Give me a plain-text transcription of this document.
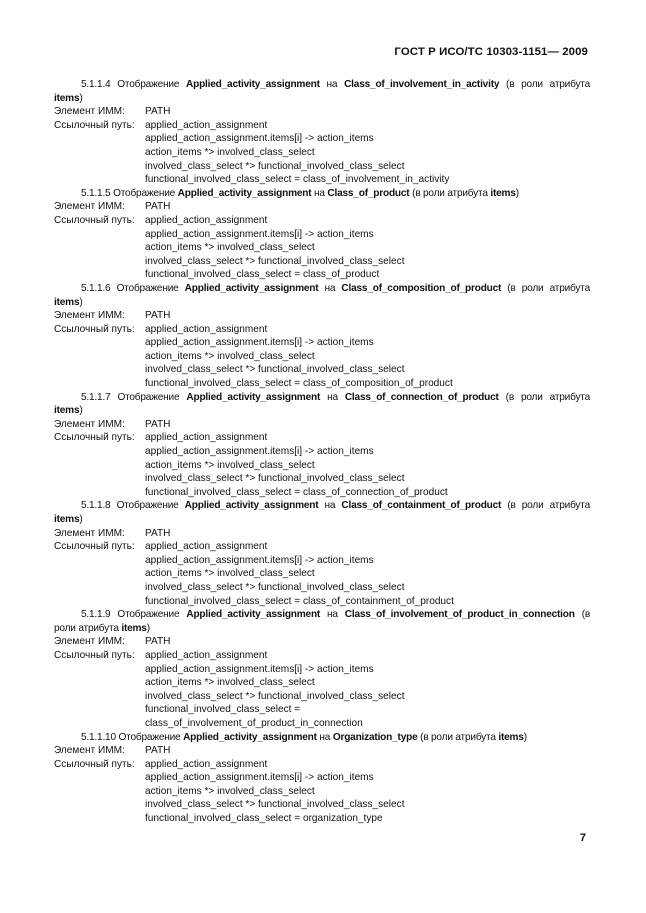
ГОСТ Р ИСО/ТС 10303-1151— 2009
5.1.1.4 Отображение Applied_activity_assignment на Class_of_involvement_in_activity (в роли атрибута items)
Элемент ИММ:	PATH
Ссылочный путь:	applied_action_assignment
applied_action_assignment.items[i] -> action_items
action_items *> involved_class_select
involved_class_select *> functional_involved_class_select
functional_involved_class_select = class_of_involvement_in_activity
5.1.1.5 Отображение Applied_activity_assignment на Class_of_product (в роли атрибута items)
Элемент ИММ:	PATH
Ссылочный путь:	applied_action_assignment
applied_action_assignment.items[i] -> action_items
action_items *> involved_class_select
involved_class_select *> functional_involved_class_select
functional_involved_class_select = class_of_product
5.1.1.6 Отображение Applied_activity_assignment на Class_of_composition_of_product (в роли атрибута items)
Элемент ИММ:	PATH
Ссылочный путь:	applied_action_assignment
applied_action_assignment.items[i] -> action_items
action_items *> involved_class_select
involved_class_select *> functional_involved_class_select
functional_involved_class_select = class_of_composition_of_product
5.1.1.7 Отображение Applied_activity_assignment на Class_of_connection_of_product (в роли атрибута items)
Элемент ИММ:	PATH
Ссылочный путь:	applied_action_assignment
applied_action_assignment.items[i] -> action_items
action_items *> involved_class_select
involved_class_select *> functional_involved_class_select
functional_involved_class_select = class_of_connection_of_product
5.1.1.8 Отображение Applied_activity_assignment на Class_of_containment_of_product (в роли атрибута items)
Элемент ИММ:	PATH
Ссылочный путь:	applied_action_assignment
applied_action_assignment.items[i] -> action_items
action_items *> involved_class_select
involved_class_select *> functional_involved_class_select
functional_involved_class_select = class_of_containment_of_product
5.1.1.9 Отображение Applied_activity_assignment на Class_of_involvement_of_product_in_connection (в роли атрибута items)
Элемент ИММ:	PATH
Ссылочный путь:	applied_action_assignment
applied_action_assignment.items[i] -> action_items
action_items *> involved_class_select
involved_class_select *> functional_involved_class_select
functional_involved_class_select =
class_of_involvement_of_product_in_connection
5.1.1.10 Отображение Applied_activity_assignment на Organization_type (в роли атрибута items)
Элемент ИММ:	PATH
Ссылочный путь:	applied_action_assignment
applied_action_assignment.items[i] -> action_items
action_items *> involved_class_select
involved_class_select *> functional_involved_class_select
functional_involved_class_select = organization_type
7
